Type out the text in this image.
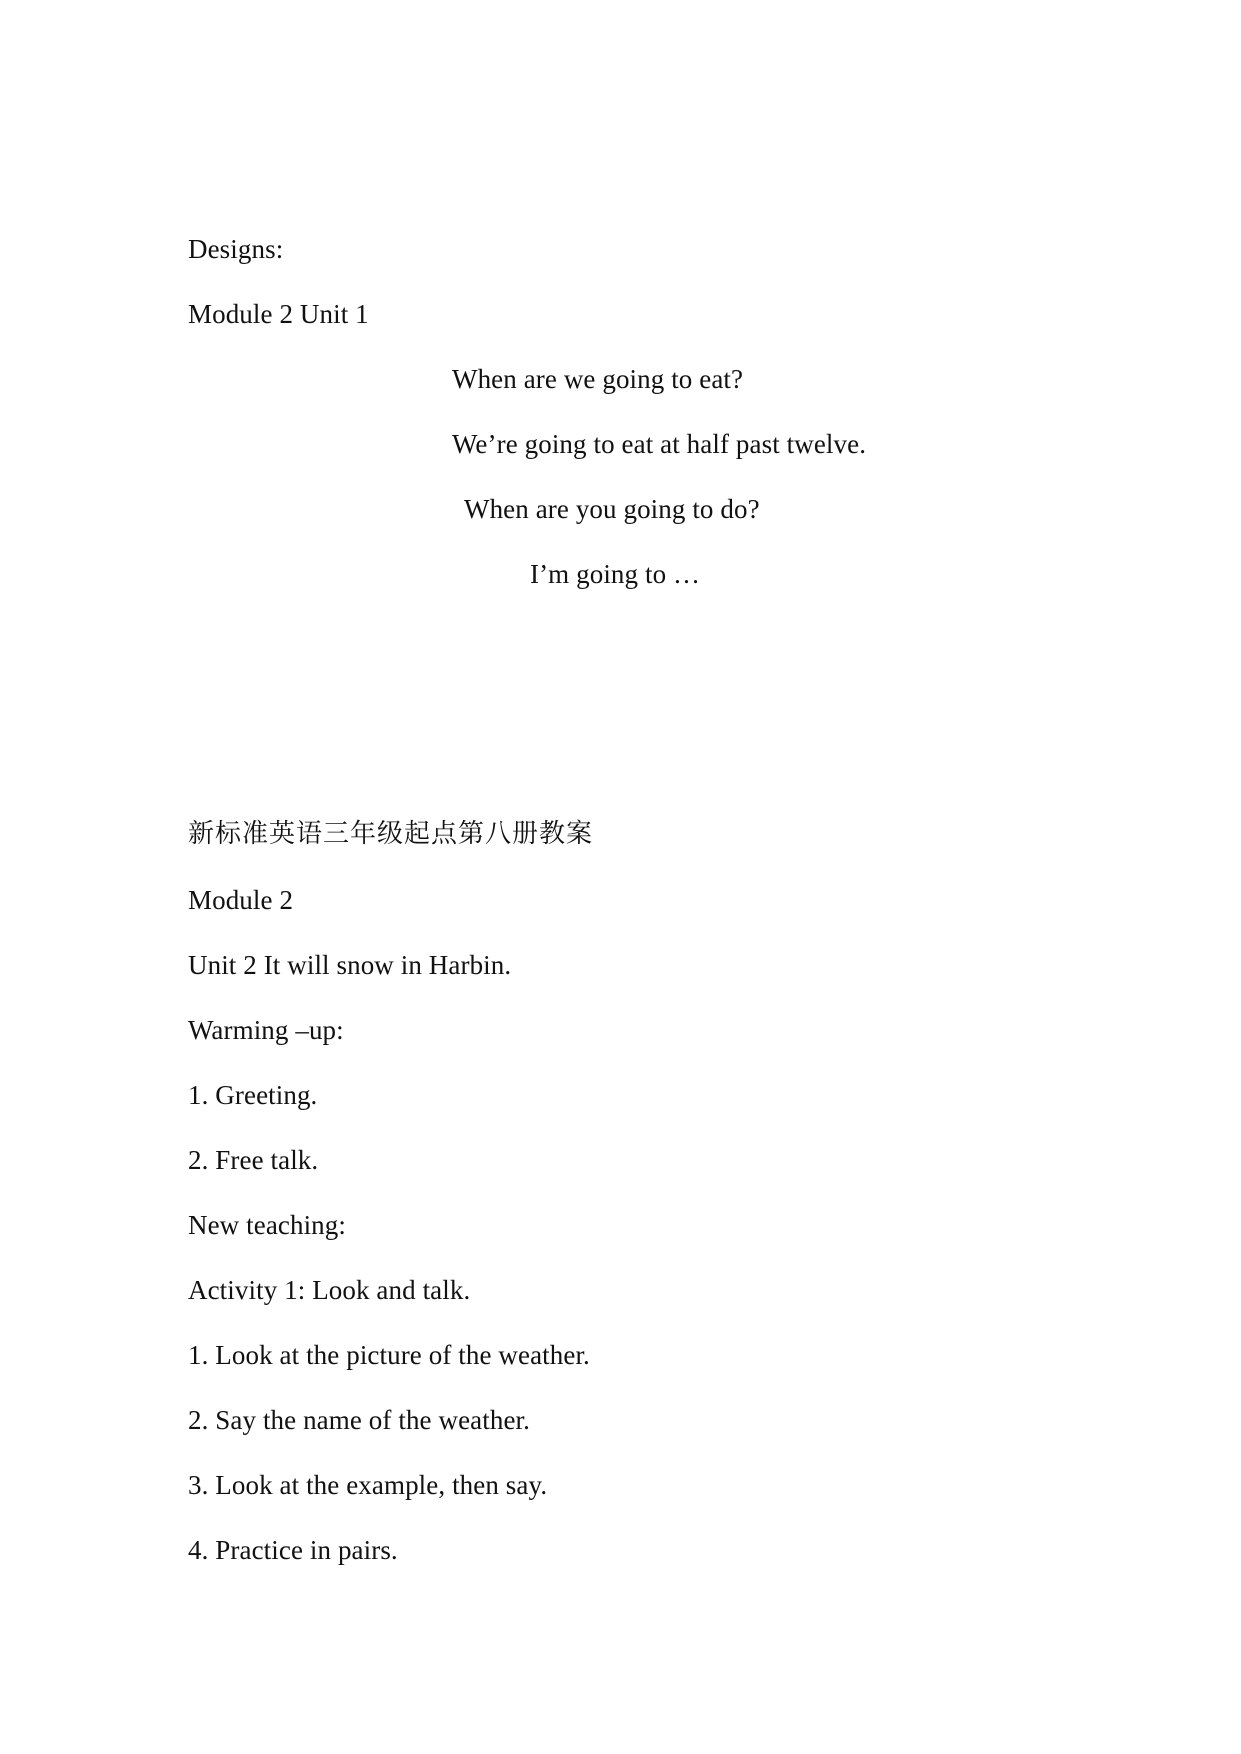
Designs:
Module 2 Unit 1
When are we going to eat?
We’re going to eat at half past twelve.
When are you going to do?
I’m going to …
新标准英语三年级起点第八册教案
Module 2
Unit 2 It will snow in Harbin.
Warming –up:
1. Greeting.
2. Free talk.
New teaching:
Activity 1: Look and talk.
1. Look at the picture of the weather.
2. Say the name of the weather.
3. Look at the example, then say.
4. Practice in pairs.
